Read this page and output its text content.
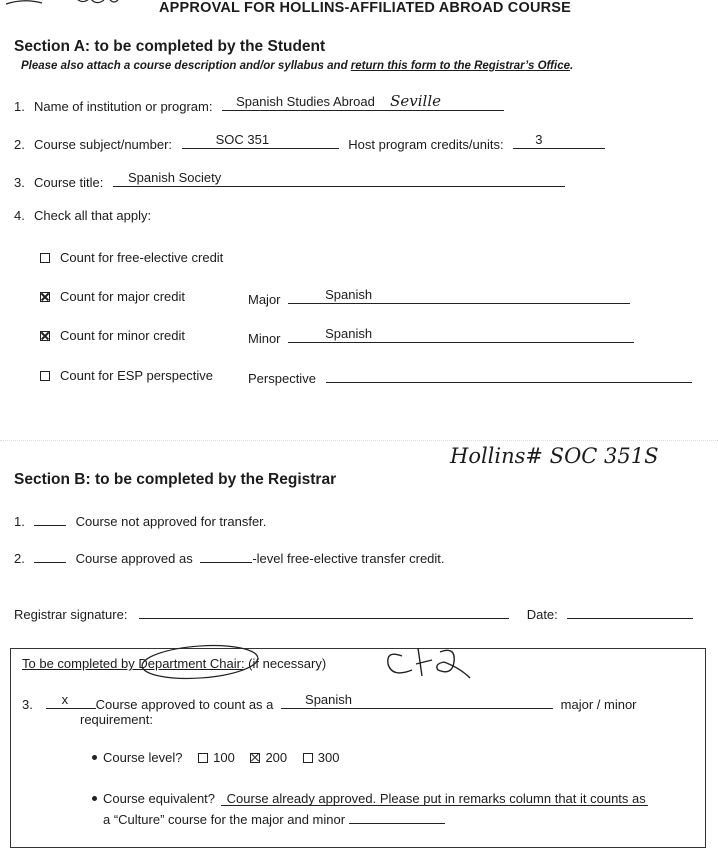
APPROVAL FOR HOLLINS-AFFILIATED ABROAD COURSE
Section A: to be completed by the Student
Please also attach a course description and/or syllabus and return this form to the Registrar’s Office.
1. Name of institution or program: Spanish Studies Abroad Seville
2. Course subject/number:	SOC 351	Host program credits/units: 3
3. Course title: Spanish Society
4. Check all that apply:
Count for free-elective credit
Count for major credit	Major	Spanish
Count for minor credit	Minor	Spanish
Count for ESP perspective	Perspective
Hollins# SOC 351S
Section B: to be completed by the Registrar
1.	Course not approved for transfer.
2.	Course approved as	-level free-elective transfer credit.
Registrar signature:	Date:
To be completed by Department Chair: (if necessary)
3. x Course approved to count as a Spanish	major / minor
requirement:
Course level? 100 200 300
Course equivalent? Course already approved. Please put in remarks column that it counts as
a “Culture” course for the major and minor
